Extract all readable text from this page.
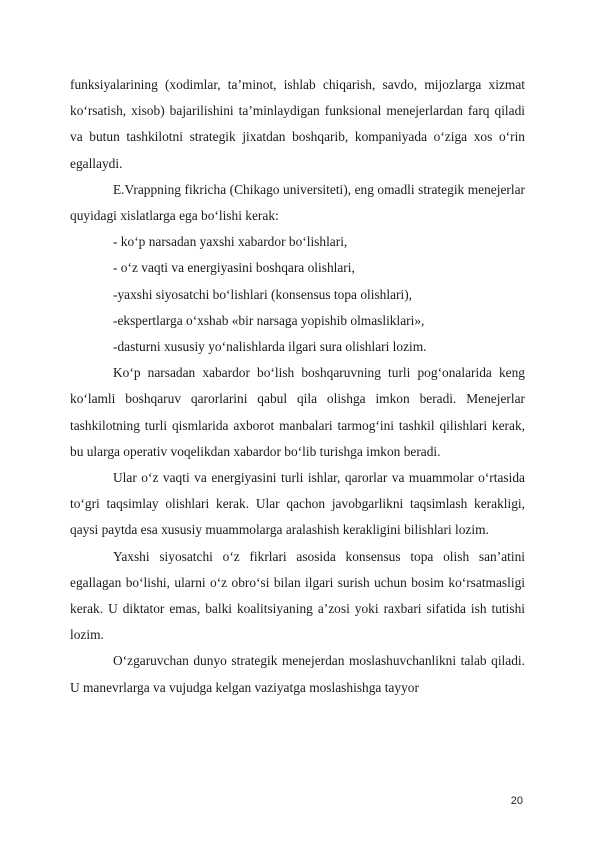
funksiyalarining (xodimlar, ta’minot, ishlab chiqarish, savdo, mijozlarga xizmat ko‘rsatish, xisob) bajarilishini ta’minlaydigan funksional menejerlardan farq qiladi va butun tashkilotni strategik jixatdan boshqarib, kompaniyada o‘ziga xos o‘rin egallaydi.

E.Vrappning fikricha (Chikago universiteti), eng omadli strategik menejerlar quyidagi xislatlarga ega bo‘lishi kerak:

- ko‘p narsadan yaxshi xabardor bo‘lishlari,

- o‘z vaqti va energiyasini boshqara olishlari,

-yaxshi siyosatchi bo‘lishlari (konsensus topa olishlari),

-ekspertlarga o‘xshab «bir narsaga yopishib olmasliklari»,

-dasturni xususiy yo‘nalishlarda ilgari sura olishlari lozim.

Ko‘p narsadan xabardor bo‘lish boshqaruvning turli pog‘onalarida keng ko‘lamli boshqaruv qarorlarini qabul qila olishga imkon beradi. Menejerlar tashkilotning turli qismlarida axborot manbalari tarmog‘ini tashkil qilishlari kerak, bu ularga operativ voqelikdan xabardor bo‘lib turishga imkon beradi.

Ular o‘z vaqti va energiyasini turli ishlar, qarorlar va muammolar o‘rtasida to‘gri taqsimlay olishlari kerak. Ular qachon javobgarlikni taqsimlash kerakligi, qaysi paytda esa xususiy muammolarga aralashish kerakligini bilishlari lozim.

Yaxshi siyosatchi o‘z fikrlari asosida konsensus topa olish san’atini egallagan bo‘lishi, ularni o‘z obro‘si bilan ilgari surish uchun bosim ko‘rsatmasligi kerak. U diktator emas, balki koalitsiyaning a’zosi yoki raxbari sifatida ish tutishi lozim.

O‘zgaruvchan dunyo strategik menejerdan moslashuvchanlikni talab qiladi. U manevrlarga va vujudga kelgan vaziyatga moslashishga tayyor

20
